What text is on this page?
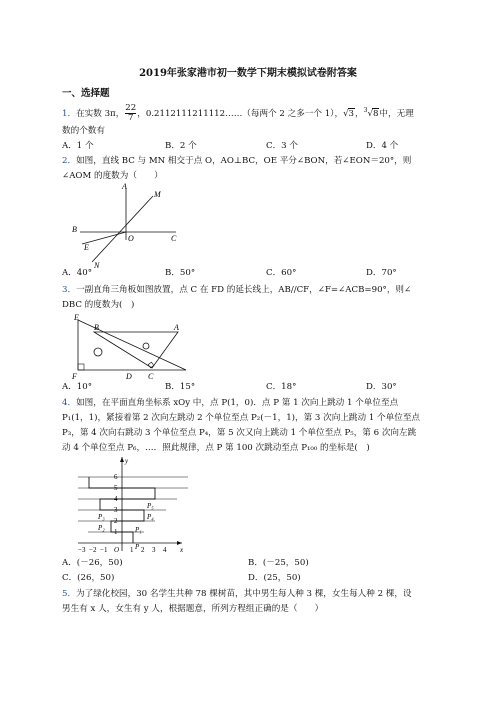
2019年张家港市初一数学下期末模拟试卷附答案
一、选择题
1．在实数 3π， $\frac{22}{7}$ ，0.2112111211112……（每两个 2 之多一个 1），√3，$^3$√8中，无理
数的个数有
A．1 个	B．2 个	C．3 个	D．4 个
2．如图，直线 BC 与 MN 相交于点 O，AO⊥BC，OE 平分∠BON，若∠EON＝20°，则
∠AOM 的度数为（　　）
A
M
B
O	C
E
N
A．40°	B．50°	C．60°	D．70°
3．一副直角三角板如图放置，点 C 在 FD 的延长线上，AB//CF，∠F=∠ACB=90°，则∠
DBC 的度数为(　)
E
B	A
F	D C
A．10°	B．15°	C．18°	D．30°
4．如图，在平面直角坐标系 xOy 中，点 P(1，0)．点 P 第 1 次向上跳动 1 个单位至点
P₁(1，1)，紧接着第 2 次向左跳动 2 个单位至点 P₂(－1，1)，第 3 次向上跳动 1 个单位至点
P₃，第 4 次向右跳动 3 个单位至点 P₄，第 5 次又向上跳动 1 个单位至点 P₅，第 6 次向左跳
动 4 个单位至点 P₆，…．照此规律，点 P 第 100 次跳动至点 P₁₀₀ 的坐标是(　)
6
5
4
3
2
1
y
−3 −2 −1 O 1 2 3 4 x
P₅
P₃	P₄
P₂	P₁
P
A．(－26，50)	B．(－25，50)
C．(26，50)	D．(25，50)
5．为了绿化校园，30 名学生共种 78 棵树苗，其中男生每人种 3 棵，女生每人种 2 棵，设
男生有 x 人，女生有 y 人，根据题意，所列方程组正确的是（　　）
